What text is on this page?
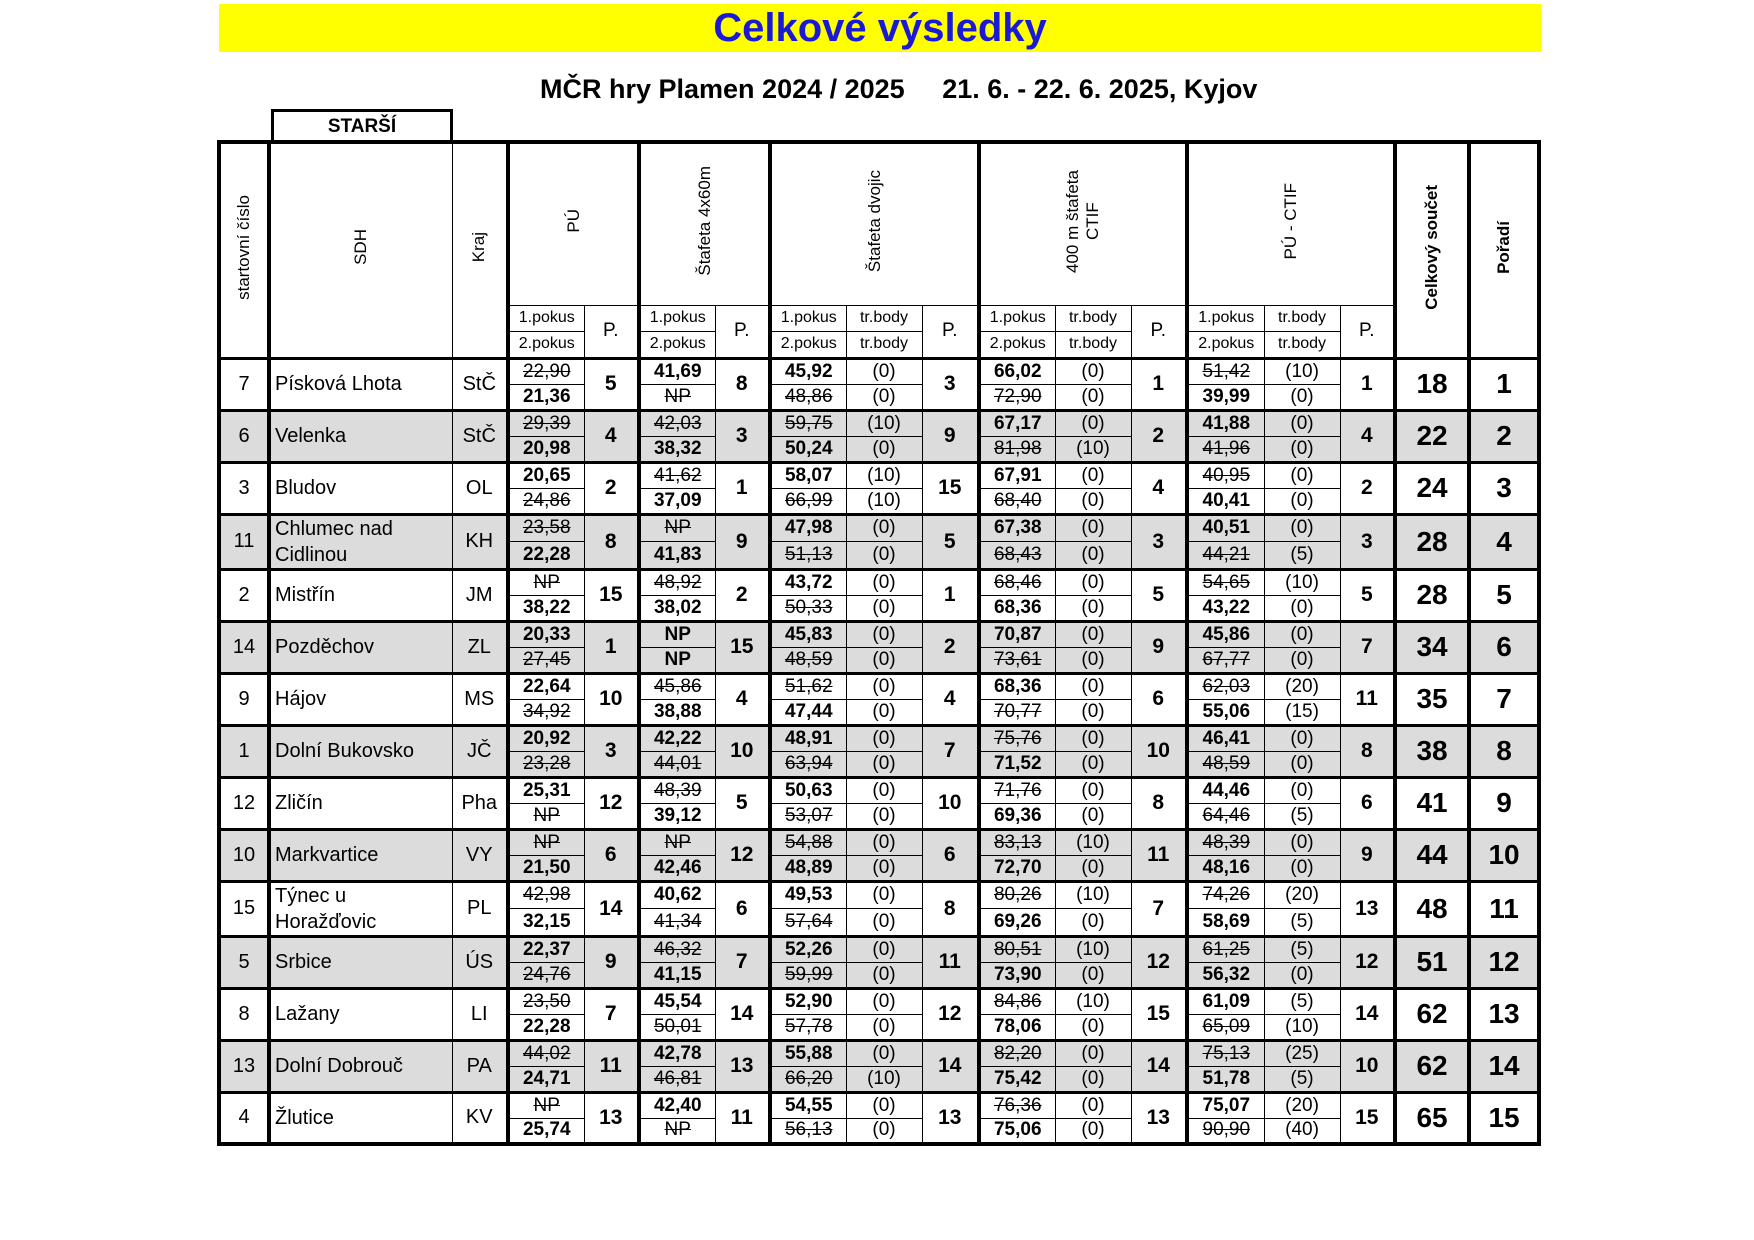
Celkové výsledky
MČR hry Plamen 2024 / 2025     21. 6. - 22. 6. 2025, Kyjov
STARŠÍ
startovní číslo	SDH	Kraj	PÚ		Štafeta 4x60m		Štafeta dvojic			400 m štafeta
CTIF			PÚ - CTIF			Celkový součet	Pořadí
			1.pokus	P.	1.pokus	P.	1.pokus	tr.body	P.	1.pokus	tr.body	P.	1.pokus	tr.body	P.		
			2.pokus		2.pokus		2.pokus	tr.body		2.pokus	tr.body		2.pokus	tr.body			
7	Písková Lhota	StČ	22,90	5	41,69	8	45,92	(0)	3	66,02	(0)	1	51,42	(10)	1	18	1
			21,36		NP		48,86	(0)		72,90	(0)		39,99	(0)			
6	Velenka	StČ	29,39	4	42,03	3	59,75	(10)	9	67,17	(0)	2	41,88	(0)	4	22	2
			20,98		38,32		50,24	(0)		81,98	(10)		41,96	(0)			
3	Bludov	OL	20,65	2	41,62	1	58,07	(10)	15	67,91	(0)	4	40,95	(0)	2	24	3
			24,86		37,09		66,99	(10)		68,40	(0)		40,41	(0)			
11	Chlumec nad Cidlinou	KH	23,58	8	NP	9	47,98	(0)	5	67,38	(0)	3	40,51	(0)	3	28	4
			22,28		41,83		51,13	(0)		68,43	(0)		44,21	(5)			
2	Mistřín	JM	NP	15	48,92	2	43,72	(0)	1	68,46	(0)	5	54,65	(10)	5	28	5
			38,22		38,02		50,33	(0)		68,36	(0)		43,22	(0)			
14	Pozděchov	ZL	20,33	1	NP	15	45,83	(0)	2	70,87	(0)	9	45,86	(0)	7	34	6
			27,45		NP		48,59	(0)		73,61	(0)		67,77	(0)			
9	Hájov	MS	22,64	10	45,86	4	51,62	(0)	4	68,36	(0)	6	62,03	(20)	11	35	7
			34,92		38,88		47,44	(0)		70,77	(0)		55,06	(15)			
1	Dolní Bukovsko	JČ	20,92	3	42,22	10	48,91	(0)	7	75,76	(0)	10	46,41	(0)	8	38	8
			23,28		44,01		63,94	(0)		71,52	(0)		48,59	(0)			
12	Zličín	Pha	25,31	12	48,39	5	50,63	(0)	10	71,76	(0)	8	44,46	(0)	6	41	9
			NP		39,12		53,07	(0)		69,36	(0)		64,46	(5)			
10	Markvartice	VY	NP	6	NP	12	54,88	(0)	6	83,13	(10)	11	48,39	(0)	9	44	10
			21,50		42,46		48,89	(0)		72,70	(0)		48,16	(0)			
15	Týnec u Horažďovic	PL	42,98	14	40,62	6	49,53	(0)	8	80,26	(10)	7	74,26	(20)	13	48	11
			32,15		41,34		57,64	(0)		69,26	(0)		58,69	(5)			
5	Srbice	ÚS	22,37	9	46,32	7	52,26	(0)	11	80,51	(10)	12	61,25	(5)	12	51	12
			24,76		41,15		59,99	(0)		73,90	(0)		56,32	(0)			
8	Lažany	LI	23,50	7	45,54	14	52,90	(0)	12	84,86	(10)	15	61,09	(5)	14	62	13
			22,28		50,01		57,78	(0)		78,06	(0)		65,09	(10)			
13	Dolní Dobrouč	PA	44,02	11	42,78	13	55,88	(0)	14	82,20	(0)	14	75,13	(25)	10	62	14
			24,71		46,81		66,20	(10)		75,42	(0)		51,78	(5)			
4	Žlutice	KV	NP	13	42,40	11	54,55	(0)	13	76,36	(0)	13	75,07	(20)	15	65	15
			25,74		NP		56,13	(0)		75,06	(0)		90,90	(40)			
